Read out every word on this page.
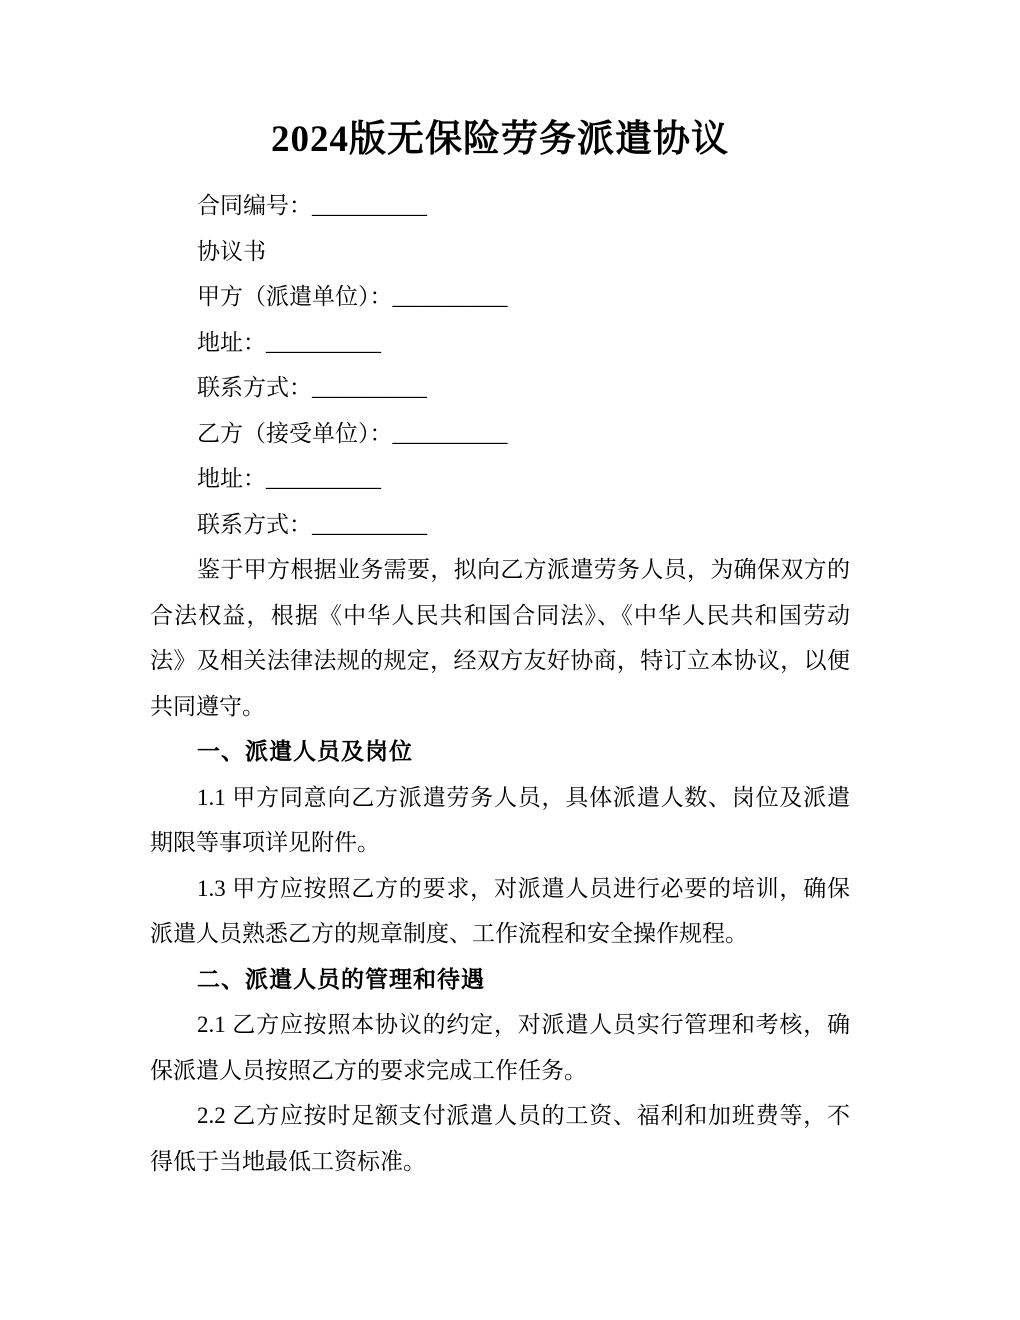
2024版无保险劳务派遣协议

合同编号：__________

协议书

甲方（派遣单位）：__________

地址：__________

联系方式：__________

乙方（接受单位）：__________

地址：__________

联系方式：__________

鉴于甲方根据业务需要，拟向乙方派遣劳务人员，为确保双方的合法权益，根据《中华人民共和国合同法》、《中华人民共和国劳动法》及相关法律法规的规定，经双方友好协商，特订立本协议，以便共同遵守。

一、派遣人员及岗位

1.1 甲方同意向乙方派遣劳务人员，具体派遣人数、岗位及派遣期限等事项详见附件。

1.3 甲方应按照乙方的要求，对派遣人员进行必要的培训，确保派遣人员熟悉乙方的规章制度、工作流程和安全操作规程。

二、派遣人员的管理和待遇

2.1 乙方应按照本协议的约定，对派遣人员实行管理和考核，确保派遣人员按照乙方的要求完成工作任务。

2.2 乙方应按时足额支付派遣人员的工资、福利和加班费等，不得低于当地最低工资标准。
